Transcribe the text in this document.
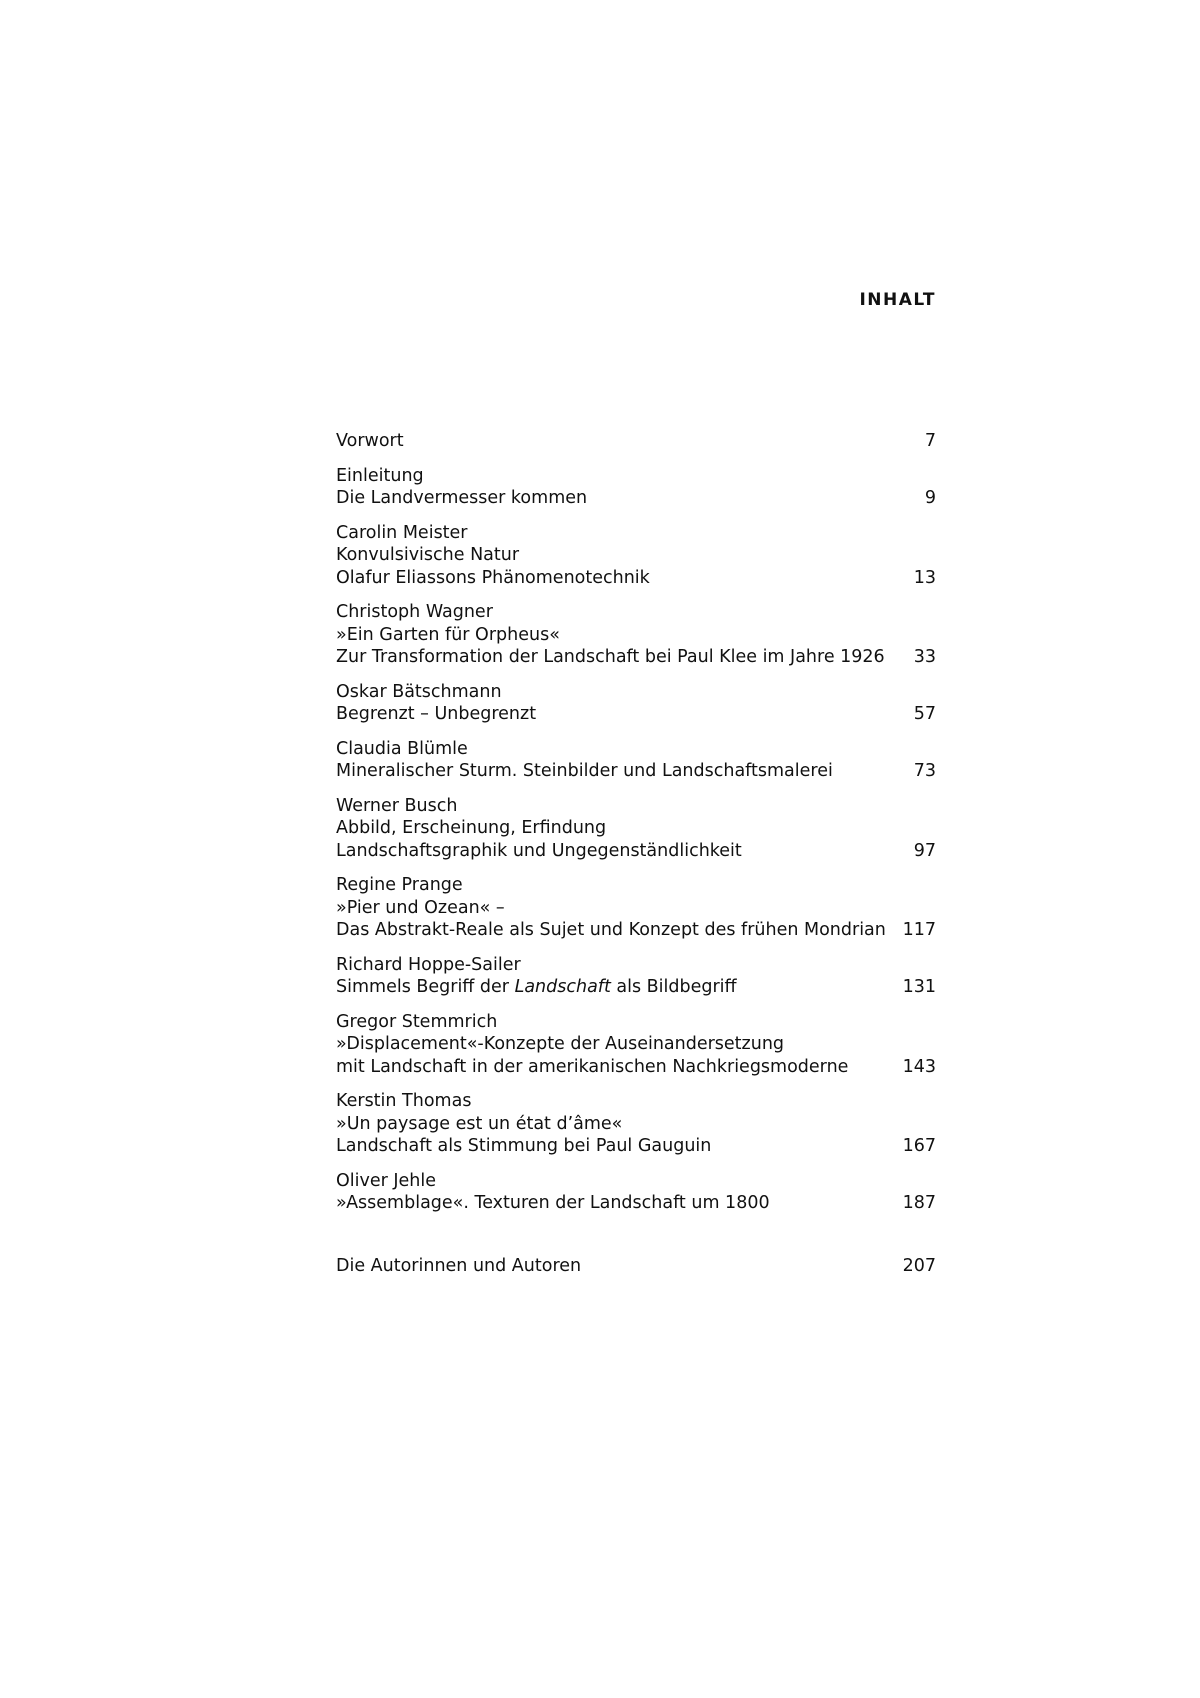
INHALT
Vorwort	7
Einleitung
Die Landvermesser kommen	9
Carolin Meister
Konvulsivische Natur
Olafur Eliassons Phänomenotechnik	13
Christoph Wagner
»Ein Garten für Orpheus«
Zur Transformation der Landschaft bei Paul Klee im Jahre 1926	33
Oskar Bätschmann
Begrenzt – Unbegrenzt	57
Claudia Blümle
Mineralischer Sturm. Steinbilder und Landschaftsmalerei	73
Werner Busch
Abbild, Erscheinung, Erfindung
Landschaftsgraphik und Ungegenständlichkeit	97
Regine Prange
»Pier und Ozean« –
Das Abstrakt-Reale als Sujet und Konzept des frühen Mondrian 117
Richard Hoppe-Sailer
Simmels Begriff der Landschaft als Bildbegriff	131
Gregor Stemmrich
»Displacement«-Konzepte der Auseinandersetzung
mit Landschaft in der amerikanischen Nachkriegsmoderne	143
Kerstin Thomas
»Un paysage est un état d’âme«
Landschaft als Stimmung bei Paul Gauguin	167
Oliver Jehle
»Assemblage«. Texturen der Landschaft um 1800	187
Die Autorinnen und Autoren	207
